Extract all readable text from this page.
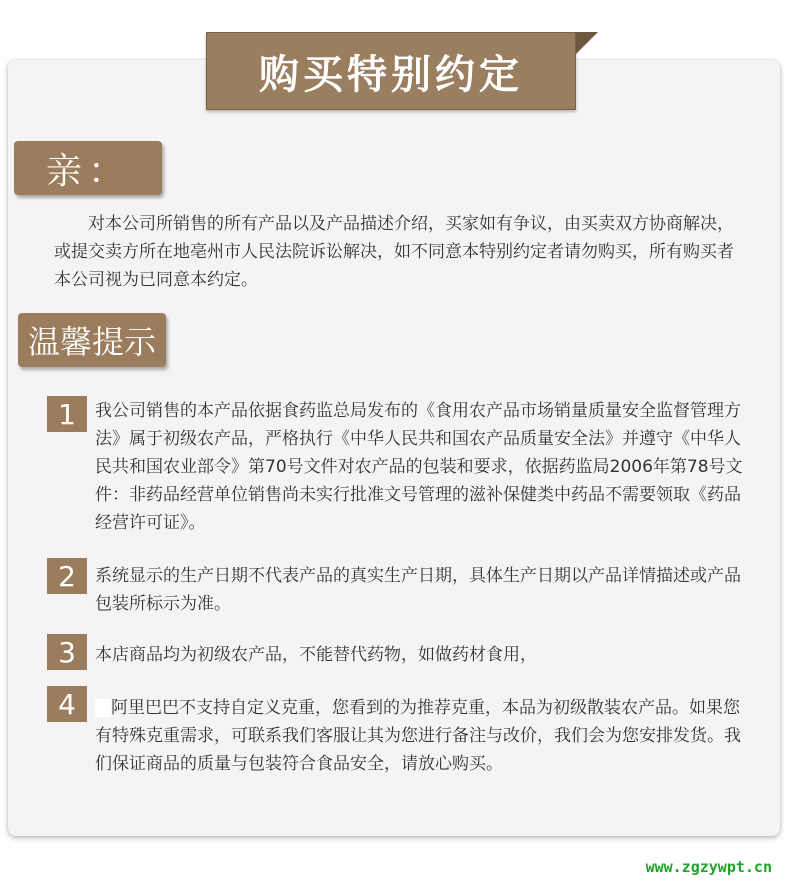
购买特别约定
亲：
对本公司所销售的所有产品以及产品描述介绍，买家如有争议，由买卖双方协商解决，或提交卖方所在地亳州市人民法院诉讼解决，如不同意本特别约定者请勿购买，所有购买者本公司视为已同意本约定。
温馨提示
1	我公司销售的本产品依据食药监总局发布的《食用农产品市场销量质量安全监督管理方法》属于初级农产品，严格执行《中华人民共和国农产品质量安全法》并遵守《中华人民共和国农业部令》第70号文件对农产品的包装和要求，依据药监局2006年第78号文件：非药品经营单位销售尚未实行批准文号管理的滋补保健类中药品不需要领取《药品经营许可证》。
2	系统显示的生产日期不代表产品的真实生产日期，具体生产日期以产品详情描述或产品包装所标示为准。
3	本店商品均为初级农产品，不能替代药物，如做药材食用，
4	阿里巴巴不支持自定义克重，您看到的为推荐克重，本品为初级散装农产品。如果您有特殊克重需求，可联系我们客服让其为您进行备注与改价，我们会为您安排发货。我们保证商品的质量与包装符合食品安全，请放心购买。
www.zgzywpt.cn
